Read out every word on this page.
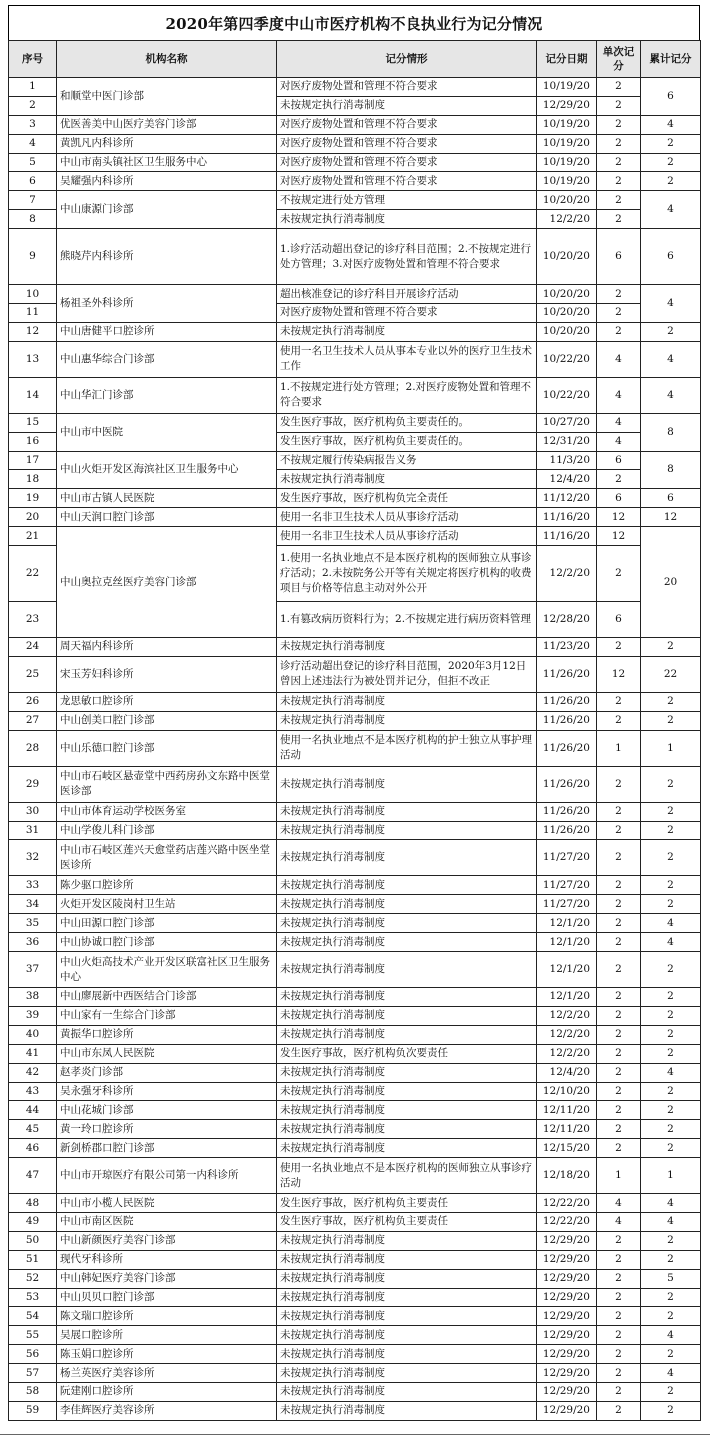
2020年第四季度中山市医疗机构不良执业行为记分情况
序号	机构名称	记分情形	记分日期	单次记分	累计记分
1	和顺堂中医门诊部	对医疗废物处置和管理不符合要求	10/19/20	2	6
2		未按规定执行消毒制度	12/29/20	2	
3	优医善美中山医疗美容门诊部	对医疗废物处置和管理不符合要求	10/19/20	2	4
4	黄凯凡内科诊所	对医疗废物处置和管理不符合要求	10/19/20	2	2
5	中山市南头镇社区卫生服务中心	对医疗废物处置和管理不符合要求	10/19/20	2	2
6	吴耀强内科诊所	对医疗废物处置和管理不符合要求	10/19/20	2	2
7	中山康源门诊部	不按规定进行处方管理	10/20/20	2	4
8		未按规定执行消毒制度	12/2/20	2	
9	熊晓芹内科诊所	1.诊疗活动超出登记的诊疗科目范围；2.不按规定进行处方管理；3.对医疗废物处置和管理不符合要求	10/20/20	6	6
10	杨祖圣外科诊所	超出核准登记的诊疗科目开展诊疗活动	10/20/20	2	4
11		对医疗废物处置和管理不符合要求	10/20/20	2	
12	中山唐健平口腔诊所	未按规定执行消毒制度	10/20/20	2	2
13	中山惠华综合门诊部	使用一名卫生技术人员从事本专业以外的医疗卫生技术工作	10/22/20	4	4
14	中山华汇门诊部	1.不按规定进行处方管理；2.对医疗废物处置和管理不符合要求	10/22/20	4	4
15	中山市中医院	发生医疗事故，医疗机构负主要责任的。	10/27/20	4	8
16		发生医疗事故，医疗机构负主要责任的。	12/31/20	4	
17	中山火炬开发区海滨社区卫生服务中心	不按规定履行传染病报告义务	11/3/20	6	8
18		未按规定执行消毒制度	12/4/20	2	
19	中山市古镇人民医院	发生医疗事故，医疗机构负完全责任	11/12/20	6	6
20	中山天润口腔门诊部	使用一名非卫生技术人员从事诊疗活动	11/16/20	12	12
21	中山奥拉克丝医疗美容门诊部	使用一名非卫生技术人员从事诊疗活动	11/16/20	12	20
22		1.使用一名执业地点不是本医疗机构的医师独立从事诊疗活动；2.未按院务公开等有关规定将医疗机构的收费项目与价格等信息主动对外公开	12/2/20	2	
23		1.有篡改病历资料行为；2.不按规定进行病历资料管理	12/28/20	6	
24	周天福内科诊所	未按规定执行消毒制度	11/23/20	2	2
25	宋玉芳妇科诊所	诊疗活动超出登记的诊疗科目范围，2020年3月12日曾因上述违法行为被处罚并记分，但拒不改正	11/26/20	12	22
26	龙思敏口腔诊所	未按规定执行消毒制度	11/26/20	2	2
27	中山创美口腔门诊部	未按规定执行消毒制度	11/26/20	2	2
28	中山乐德口腔门诊部	使用一名执业地点不是本医疗机构的护士独立从事护理活动	11/26/20	1	1
29	中山市石岐区悬壶堂中西药房孙文东路中医堂医诊部	未按规定执行消毒制度	11/26/20	2	2
30	中山市体育运动学校医务室	未按规定执行消毒制度	11/26/20	2	2
31	中山学俊儿科门诊部	未按规定执行消毒制度	11/26/20	2	2
32	中山市石岐区莲兴天愈堂药店莲兴路中医坐堂医诊所	未按规定执行消毒制度	11/27/20	2	2
33	陈少驱口腔诊所	未按规定执行消毒制度	11/27/20	2	2
34	火炬开发区陵岗村卫生站	未按规定执行消毒制度	11/27/20	2	2
35	中山田源口腔门诊部	未按规定执行消毒制度	12/1/20	2	4
36	中山协诚口腔门诊部	未按规定执行消毒制度	12/1/20	2	4
37	中山火炬高技术产业开发区联富社区卫生服务中心	未按规定执行消毒制度	12/1/20	2	2
38	中山廖展新中西医结合门诊部	未按规定执行消毒制度	12/1/20	2	2
39	中山家有一生综合门诊部	未按规定执行消毒制度	12/2/20	2	2
40	黄振华口腔诊所	未按规定执行消毒制度	12/2/20	2	2
41	中山市东凤人民医院	发生医疗事故，医疗机构负次要责任	12/2/20	2	2
42	赵孝炎门诊部	未按规定执行消毒制度	12/4/20	2	4
43	吴永强牙科诊所	未按规定执行消毒制度	12/10/20	2	2
44	中山花城门诊部	未按规定执行消毒制度	12/11/20	2	2
45	黄一玲口腔诊所	未按规定执行消毒制度	12/11/20	2	2
46	新剑桥郡口腔门诊部	未按规定执行消毒制度	12/15/20	2	2
47	中山市开琼医疗有限公司第一内科诊所	使用一名执业地点不是本医疗机构的医师独立从事诊疗活动	12/18/20	1	1
48	中山市小榄人民医院	发生医疗事故，医疗机构负主要责任	12/22/20	4	4
49	中山市南区医院	发生医疗事故，医疗机构负主要责任	12/22/20	4	4
50	中山新颜医疗美容门诊部	未按规定执行消毒制度	12/29/20	2	2
51	现代牙科诊所	未按规定执行消毒制度	12/29/20	2	2
52	中山韩妃医疗美容门诊部	未按规定执行消毒制度	12/29/20	2	5
53	中山贝贝口腔门诊部	未按规定执行消毒制度	12/29/20	2	2
54	陈文瑞口腔诊所	未按规定执行消毒制度	12/29/20	2	2
55	吴展口腔诊所	未按规定执行消毒制度	12/29/20	2	4
56	陈玉娟口腔诊所	未按规定执行消毒制度	12/29/20	2	2
57	杨兰英医疗美容诊所	未按规定执行消毒制度	12/29/20	2	4
58	阮建刚口腔诊所	未按规定执行消毒制度	12/29/20	2	2
59	李佳辉医疗美容诊所	未按规定执行消毒制度	12/29/20	2	2
